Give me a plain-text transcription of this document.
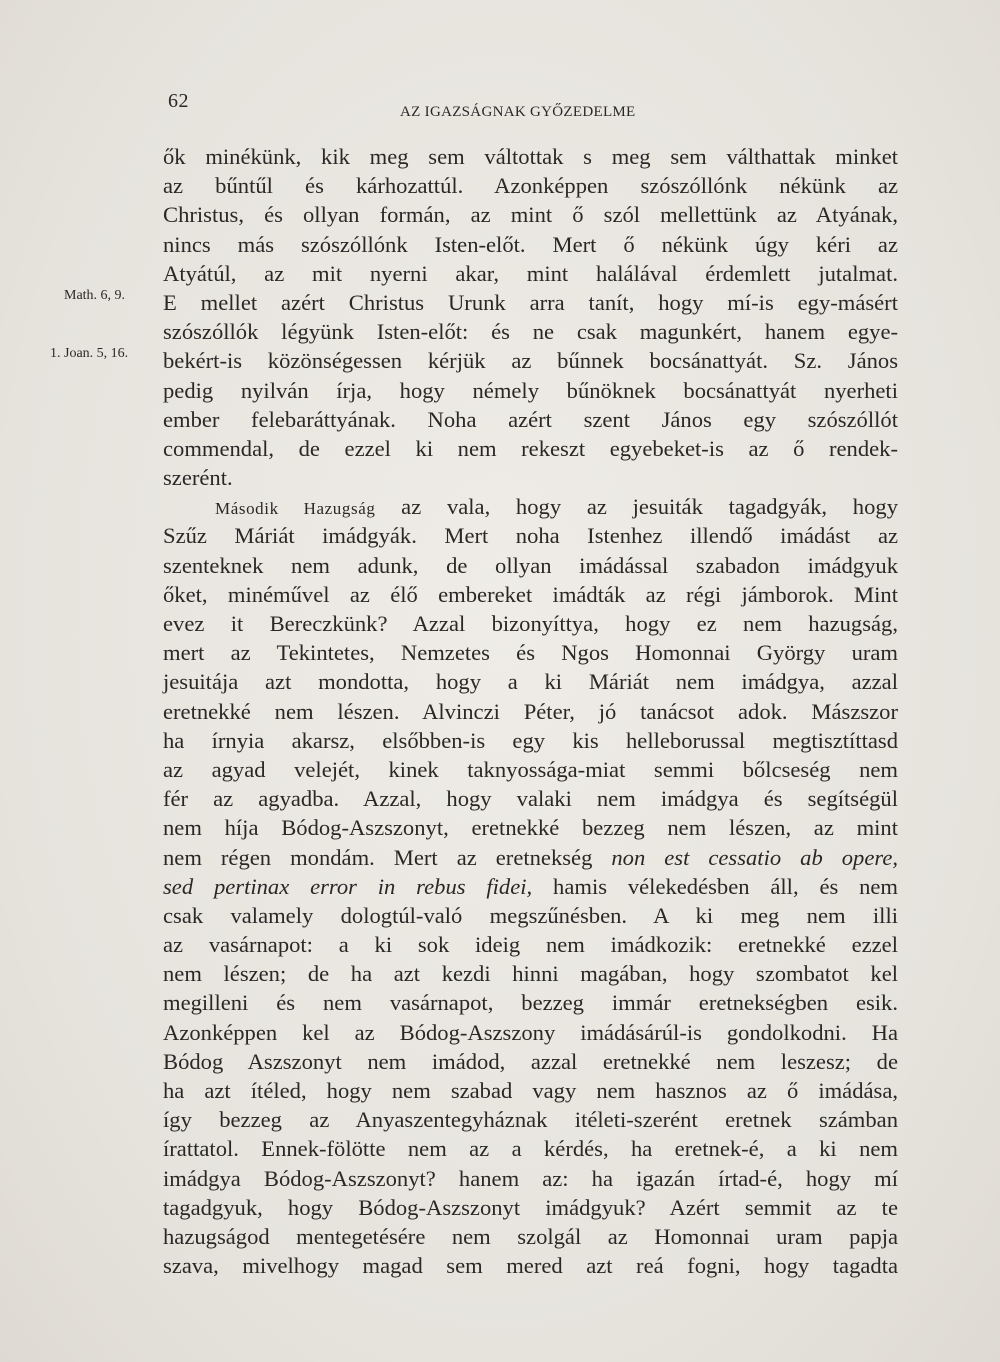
62	AZ IGAZSÁGNAK GYŐZEDELME
Math. 6, 9.
1. Joan. 5, 16.
ők minékünk, kik meg sem váltottak s meg sem válthattak minket
az bűntűl és kárhozattúl. Azonképpen szószóllónk nékünk az
Christus, és ollyan formán, az mint ő szól mellettünk az Atyának,
nincs más szószóllónk Isten-előt. Mert ő nékünk úgy kéri az
Atyátúl, az mit nyerni akar, mint halálával érdemlett jutalmat.
E mellet azért Christus Urunk arra tanít, hogy mí-is egy-másért
szószóllók légyünk Isten-előt: és ne csak magunkért, hanem egye-
bekért-is közönségessen kérjük az bűnnek bocsánattyát. Sz. János
pedig nyilván írja, hogy némely bűnöknek bocsánattyát nyerheti
ember felebaráttyának. Noha azért szent János egy szószóllót
commendal, de ezzel ki nem rekeszt egyebeket-is az ő rendek-
szerént.
Második Hazugság az vala, hogy az jesuiták tagadgyák, hogy
Szűz Máriát imádgyák. Mert noha Istenhez illendő imádást az
szenteknek nem adunk, de ollyan imádással szabadon imádgyuk
őket, minéművel az élő embereket imádták az régi jámborok. Mint
evez it Bereczkünk? Azzal bizonyíttya, hogy ez nem hazugság,
mert az Tekintetes, Nemzetes és Ngos Homonnai György uram
jesuitája azt mondotta, hogy a ki Máriát nem imádgya, azzal
eretnekké nem lészen. Alvinczi Péter, jó tanácsot adok. Mászszor
ha írnyia akarsz, elsőbben-is egy kis helleborussal megtisztíttasd
az agyad velejét, kinek taknyossága-miat semmi bőlcseség nem
fér az agyadba. Azzal, hogy valaki nem imádgya és segítségül
nem híja Bódog-Aszszonyt, eretnekké bezzeg nem lészen, az mint
nem régen mondám. Mert az eretnekség non est cessatio ab opere,
sed pertinax error in rebus fidei, hamis vélekedésben áll, és nem
csak valamely dologtúl-való megszűnésben. A ki meg nem illi
az vasárnapot: a ki sok ideig nem imádkozik: eretnekké ezzel
nem lészen; de ha azt kezdi hinni magában, hogy szombatot kel
megilleni és nem vasárnapot, bezzeg immár eretnekségben esik.
Azonképpen kel az Bódog-Aszszony imádásárúl-is gondolkodni. Ha
Bódog Aszszonyt nem imádod, azzal eretnekké nem leszesz; de
ha azt ítéled, hogy nem szabad vagy nem hasznos az ő imádása,
így bezzeg az Anyaszentegyháznak itéleti-szerént eretnek számban
írattatol. Ennek-fölötte nem az a kérdés, ha eretnek-é, a ki nem
imádgya Bódog-Aszszonyt? hanem az: ha igazán írtad-é, hogy mí
tagadgyuk, hogy Bódog-Aszszonyt imádgyuk? Azért semmit az te
hazugságod mentegetésére nem szolgál az Homonnai uram papja
szava, mivelhogy magad sem mered azt reá fogni, hogy tagadta
